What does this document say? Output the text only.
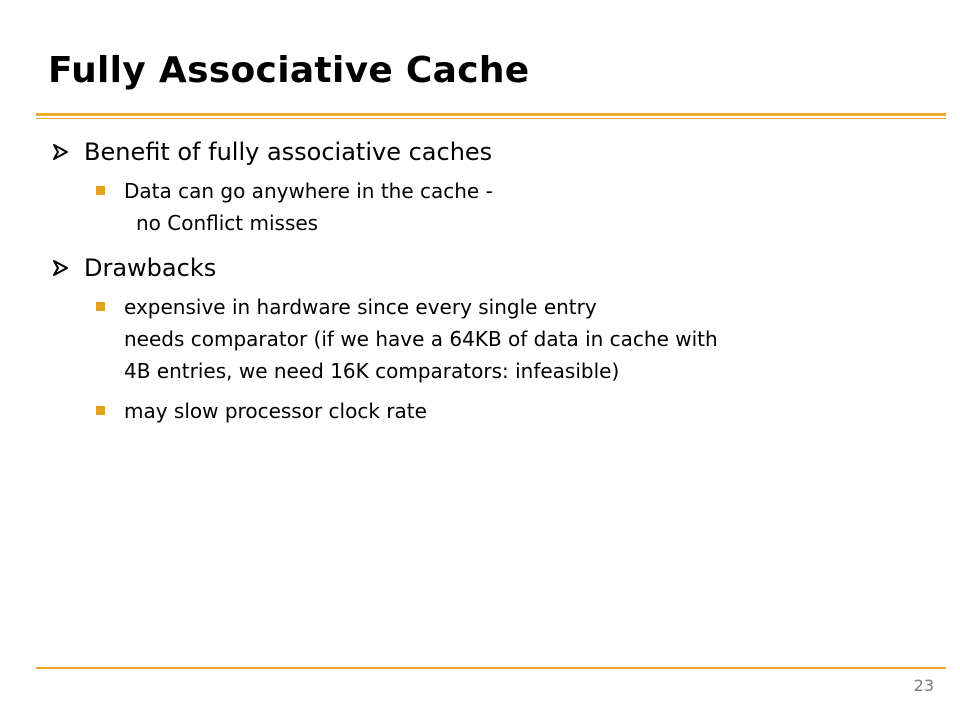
Fully Associative Cache

Benefit of fully associative caches

Data can go anywhere in the cache -
no Conflict misses

Drawbacks

expensive in hardware since every single entry
needs comparator (if we have a 64KB of data in cache with
4B entries, we need 16K comparators: infeasible)

may slow processor clock rate

23
